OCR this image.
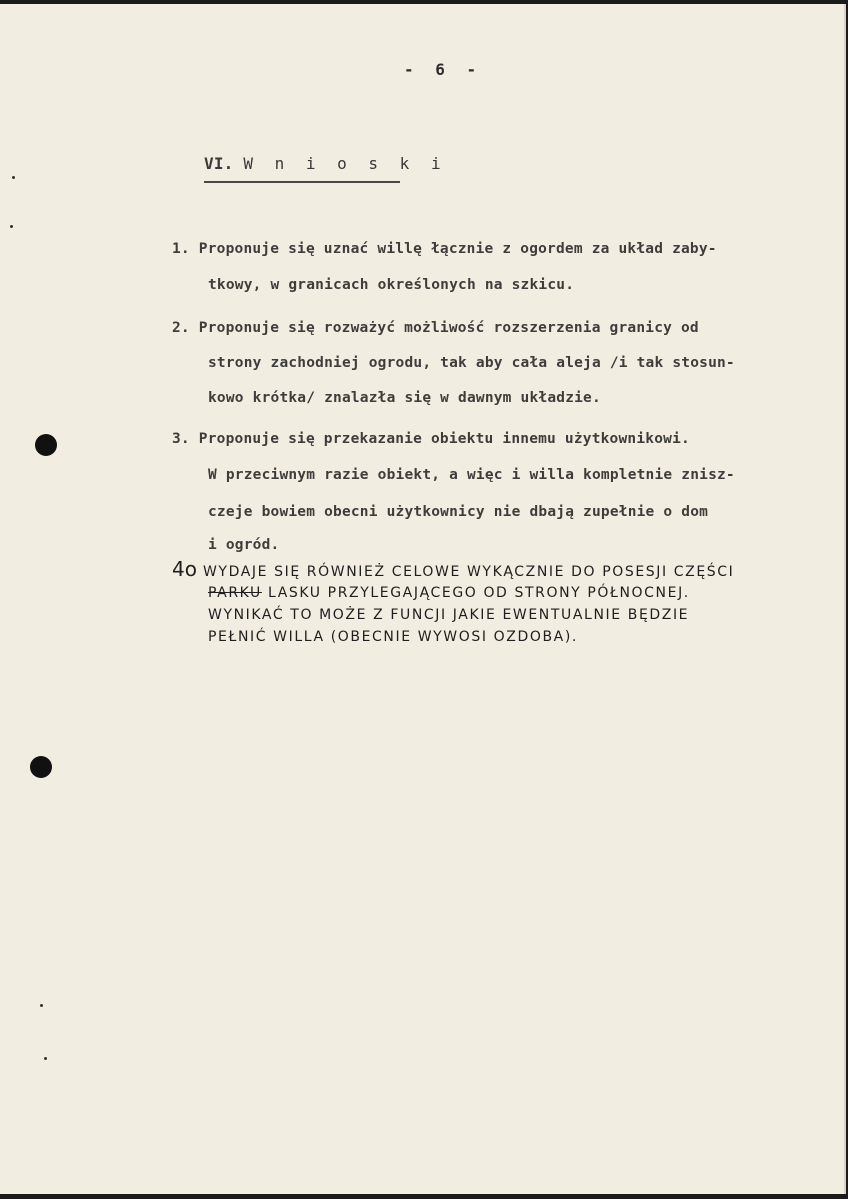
- 6 -
VI. W n i o s k i
1. Proponuje się uznać willę łącznie z ogordem za układ zaby-
tkowy, w granicach określonych na szkicu.
2. Proponuje się rozważyć możliwość rozszerzenia granicy od
strony zachodniej ogrodu, tak aby cała aleja /i tak stosun-
kowo krótka/ znalazła się w dawnym układzie.
3. Proponuje się przekazanie obiektu innemu użytkownikowi.
W przeciwnym razie obiekt, a więc i willa kompletnie znisz-
czeje bowiem obecni użytkownicy nie dbają zupełnie o dom
i ogród.
4o WYDAJE SIĘ RÓWNIEŻ CELOWE WYKĄCZNIE DO POSESJI CZĘŚCI
PARKU LASKU PRZYLEGAJĄCEGO OD STRONY PÓŁNOCNEJ.
WYNIKAĆ TO MOŻE Z FUNCJI JAKIE EWENTUALNIE BĘDZIE
PEŁNIĆ WILLA (OBECNIE WYWOSI OZDOBA).
